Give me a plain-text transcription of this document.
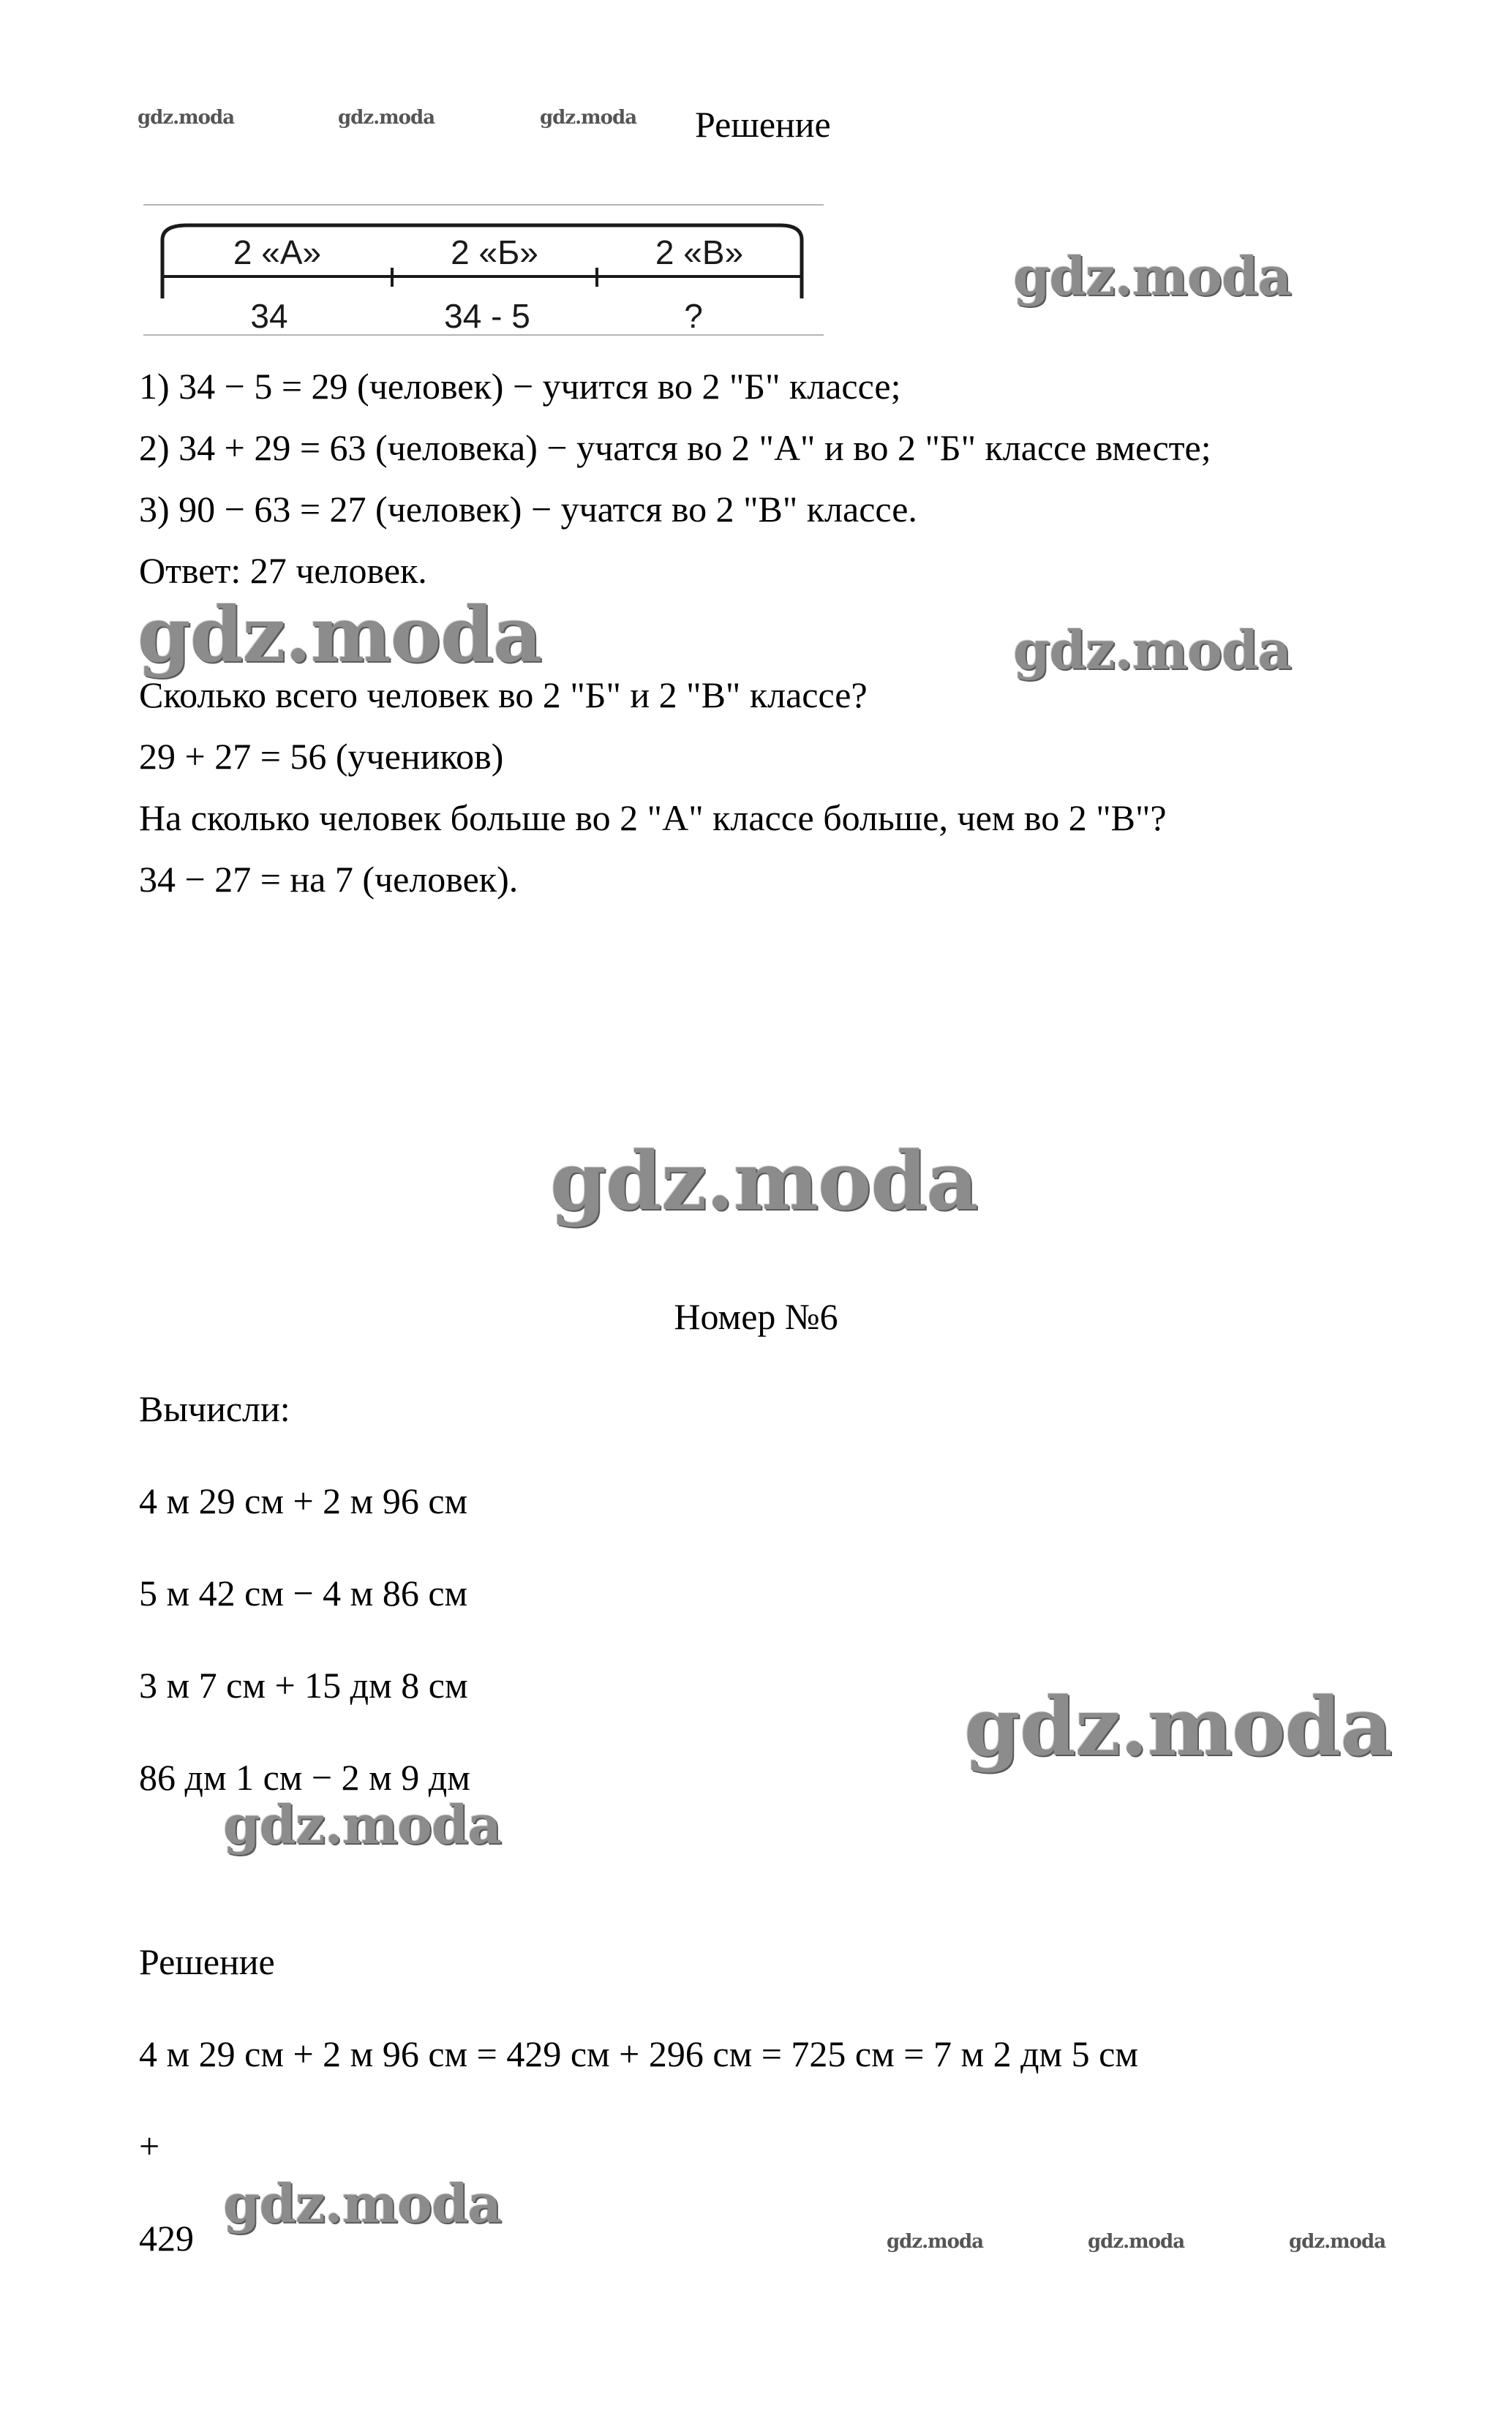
gdz.moda	gdz.moda	gdz.moda Решение
2 «А»	2 «Б»	2 «В»
34	34 - 5	?
gdz.moda
1) 34 − 5 = 29 (человек) − учится во 2 "Б" классе;
2) 34 + 29 = 63 (человека) − учатся во 2 "А" и во 2 "Б" классе вместе;
3) 90 − 63 = 27 (человек) − учатся во 2 "В" классе.
Ответ: 27 человек.
gdz.moda	gdz.moda
Сколько всего человек во 2 "Б" и 2 "В" классе?
29 + 27 = 56 (учеников)
На сколько человек больше во 2 "А" классе больше, чем во 2 "В"?
34 − 27 = на 7 (человек).
gdz.moda
Номер №6
Вычисли:
4 м 29 см + 2 м 96 см
5 м 42 см − 4 м 86 см
3 м 7 см + 15 дм 8 см
86 дм 1 см − 2 м 9 дм
gdz.moda
gdz.moda
Решение
4 м 29 см + 2 м 96 см = 429 см + 296 см = 725 см = 7 м 2 дм 5 см
+
gdz.moda
429	gdz.moda	gdz.moda	gdz.moda
